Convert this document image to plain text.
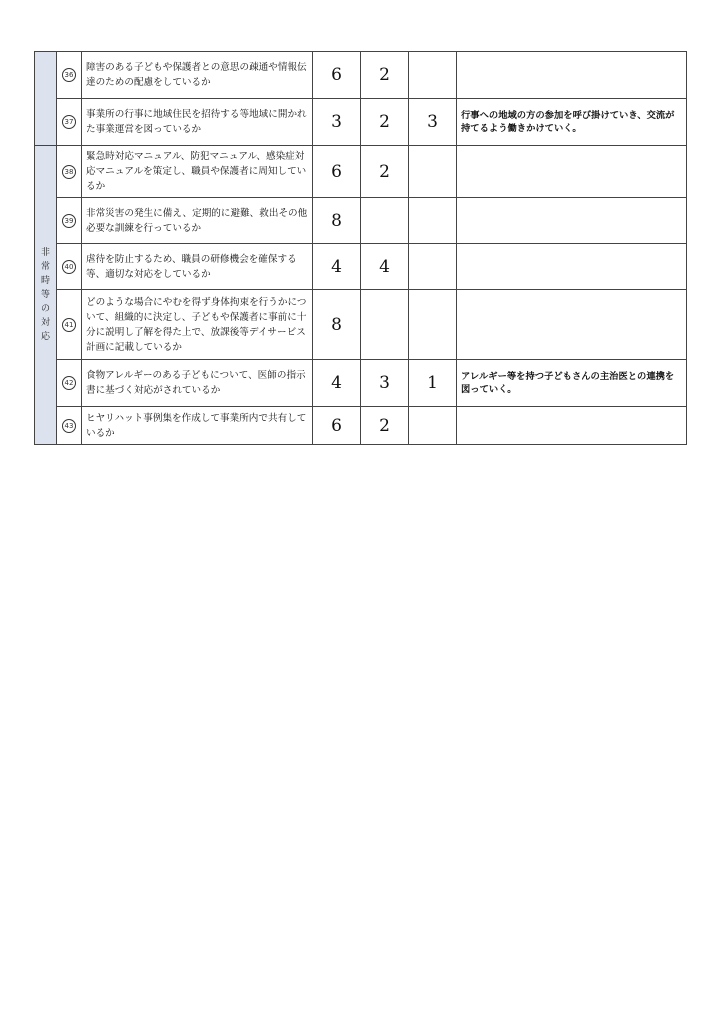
	36	障害のある子どもや保護者との意思の疎通や情報伝達のための配慮をしているか	6	2		
	37	事業所の行事に地域住民を招待する等地域に開かれた事業運営を図っているか	3	2	3	行事への地域の方の参加を呼び掛けていき、交流が持てるよう働きかけていく。
非常時等の対応	38	緊急時対応マニュアル、防犯マニュアル、感染症対応マニュアルを策定し、職員や保護者に周知しているか	6	2		
	39	非常災害の発生に備え、定期的に避難、救出その他必要な訓練を行っているか	8			
	40	虐待を防止するため、職員の研修機会を確保する等、適切な対応をしているか	4	4		
	41	どのような場合にやむを得ず身体拘束を行うかについて、組織的に決定し、子どもや保護者に事前に十分に説明し了解を得た上で、放課後等デイサービス計画に記載しているか	8			
	42	食物アレルギーのある子どもについて、医師の指示書に基づく対応がされているか	4	3	1	アレルギー等を持つ子どもさんの主治医との連携を図っていく。
	43	ヒヤリハット事例集を作成して事業所内で共有しているか	6	2		
